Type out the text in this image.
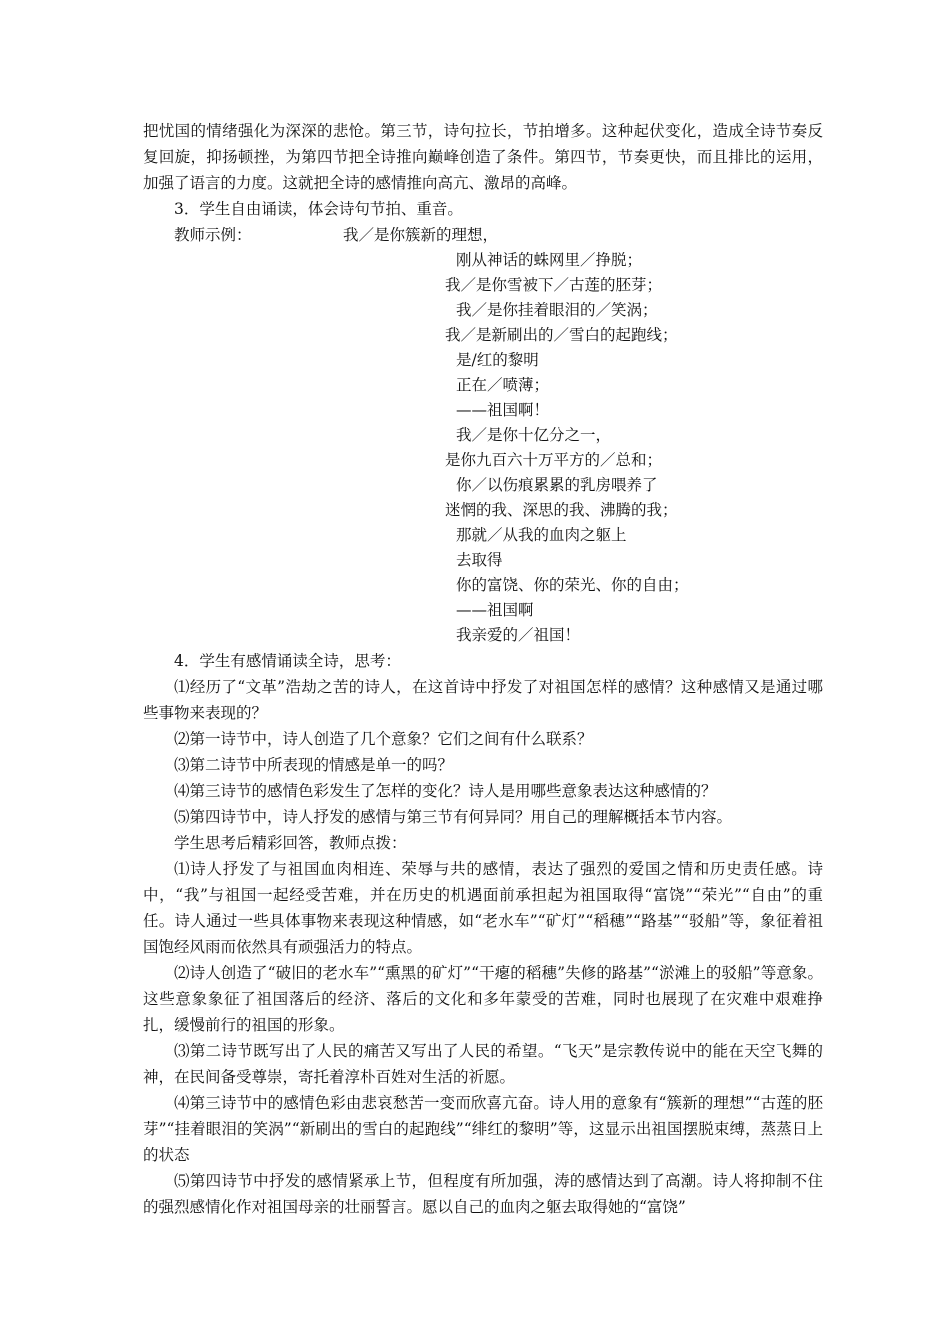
把忧国的情绪强化为深深的悲怆。第三节，诗句拉长，节拍增多。这种起伏变化，造成全诗节奏反复回旋，抑扬顿挫，为第四节把全诗推向巅峰创造了条件。第四节，节奏更快，而且排比的运用，加强了语言的力度。这就把全诗的感情推向高亢、激昂的高峰。

3．学生自由诵读，体会诗句节拍、重音。

教师示例：	我／是你簇新的理想，

刚从神话的蛛网里／挣脱；

我／是你雪被下／古莲的胚芽；

我／是你挂着眼泪的／笑涡；

我／是新刷出的／雪白的起跑线；

是/红的黎明

正在／喷薄；

——祖国啊！

我／是你十亿分之一，

是你九百六十万平方的／总和；

你／以伤痕累累的乳房喂养了

迷惘的我、深思的我、沸腾的我；

那就／从我的血肉之躯上

去取得

你的富饶、你的荣光、你的自由；

——祖国啊

我亲爱的／祖国！

4．学生有感情诵读全诗，思考：

⑴经历了“文革”浩劫之苦的诗人，在这首诗中抒发了对祖国怎样的感情？这种感情又是通过哪些事物来表现的？

⑵第一诗节中，诗人创造了几个意象？它们之间有什么联系？

⑶第二诗节中所表现的情感是单一的吗？

⑷第三诗节的感情色彩发生了怎样的变化？诗人是用哪些意象表达这种感情的？

⑸第四诗节中，诗人抒发的感情与第三节有何异同？用自己的理解概括本节内容。

学生思考后精彩回答，教师点拨：

⑴诗人抒发了与祖国血肉相连、荣辱与共的感情，表达了强烈的爱国之情和历史责任感。诗中，“我”与祖国一起经受苦难，并在历史的机遇面前承担起为祖国取得“富饶”“荣光”“自由”的重任。诗人通过一些具体事物来表现这种情感，如“老水车”“矿灯”“稻穗”“路基”“驳船”等，象征着祖国饱经风雨而依然具有顽强活力的特点。

⑵诗人创造了“破旧的老水车”“熏黑的矿灯”“干瘪的稻穗”失修的路基”“淤滩上的驳船”等意象。这些意象象征了祖国落后的经济、落后的文化和多年蒙受的苦难，同时也展现了在灾难中艰难挣扎，缓慢前行的祖国的形象。

⑶第二诗节既写出了人民的痛苦又写出了人民的希望。“飞天”是宗教传说中的能在天空飞舞的神，在民间备受尊崇，寄托着淳朴百姓对生活的祈愿。

⑷第三诗节中的感情色彩由悲哀愁苦一变而欣喜亢奋。诗人用的意象有“簇新的理想”“古莲的胚芽”“挂着眼泪的笑涡”“新刷出的雪白的起跑线”“绯红的黎明”等，这显示出祖国摆脱束缚，蒸蒸日上的状态

⑸第四诗节中抒发的感情紧承上节，但程度有所加强，涛的感情达到了高潮。诗人将抑制不住的强烈感情化作对祖国母亲的壮丽誓言。愿以自己的血肉之躯去取得她的“富饶”
